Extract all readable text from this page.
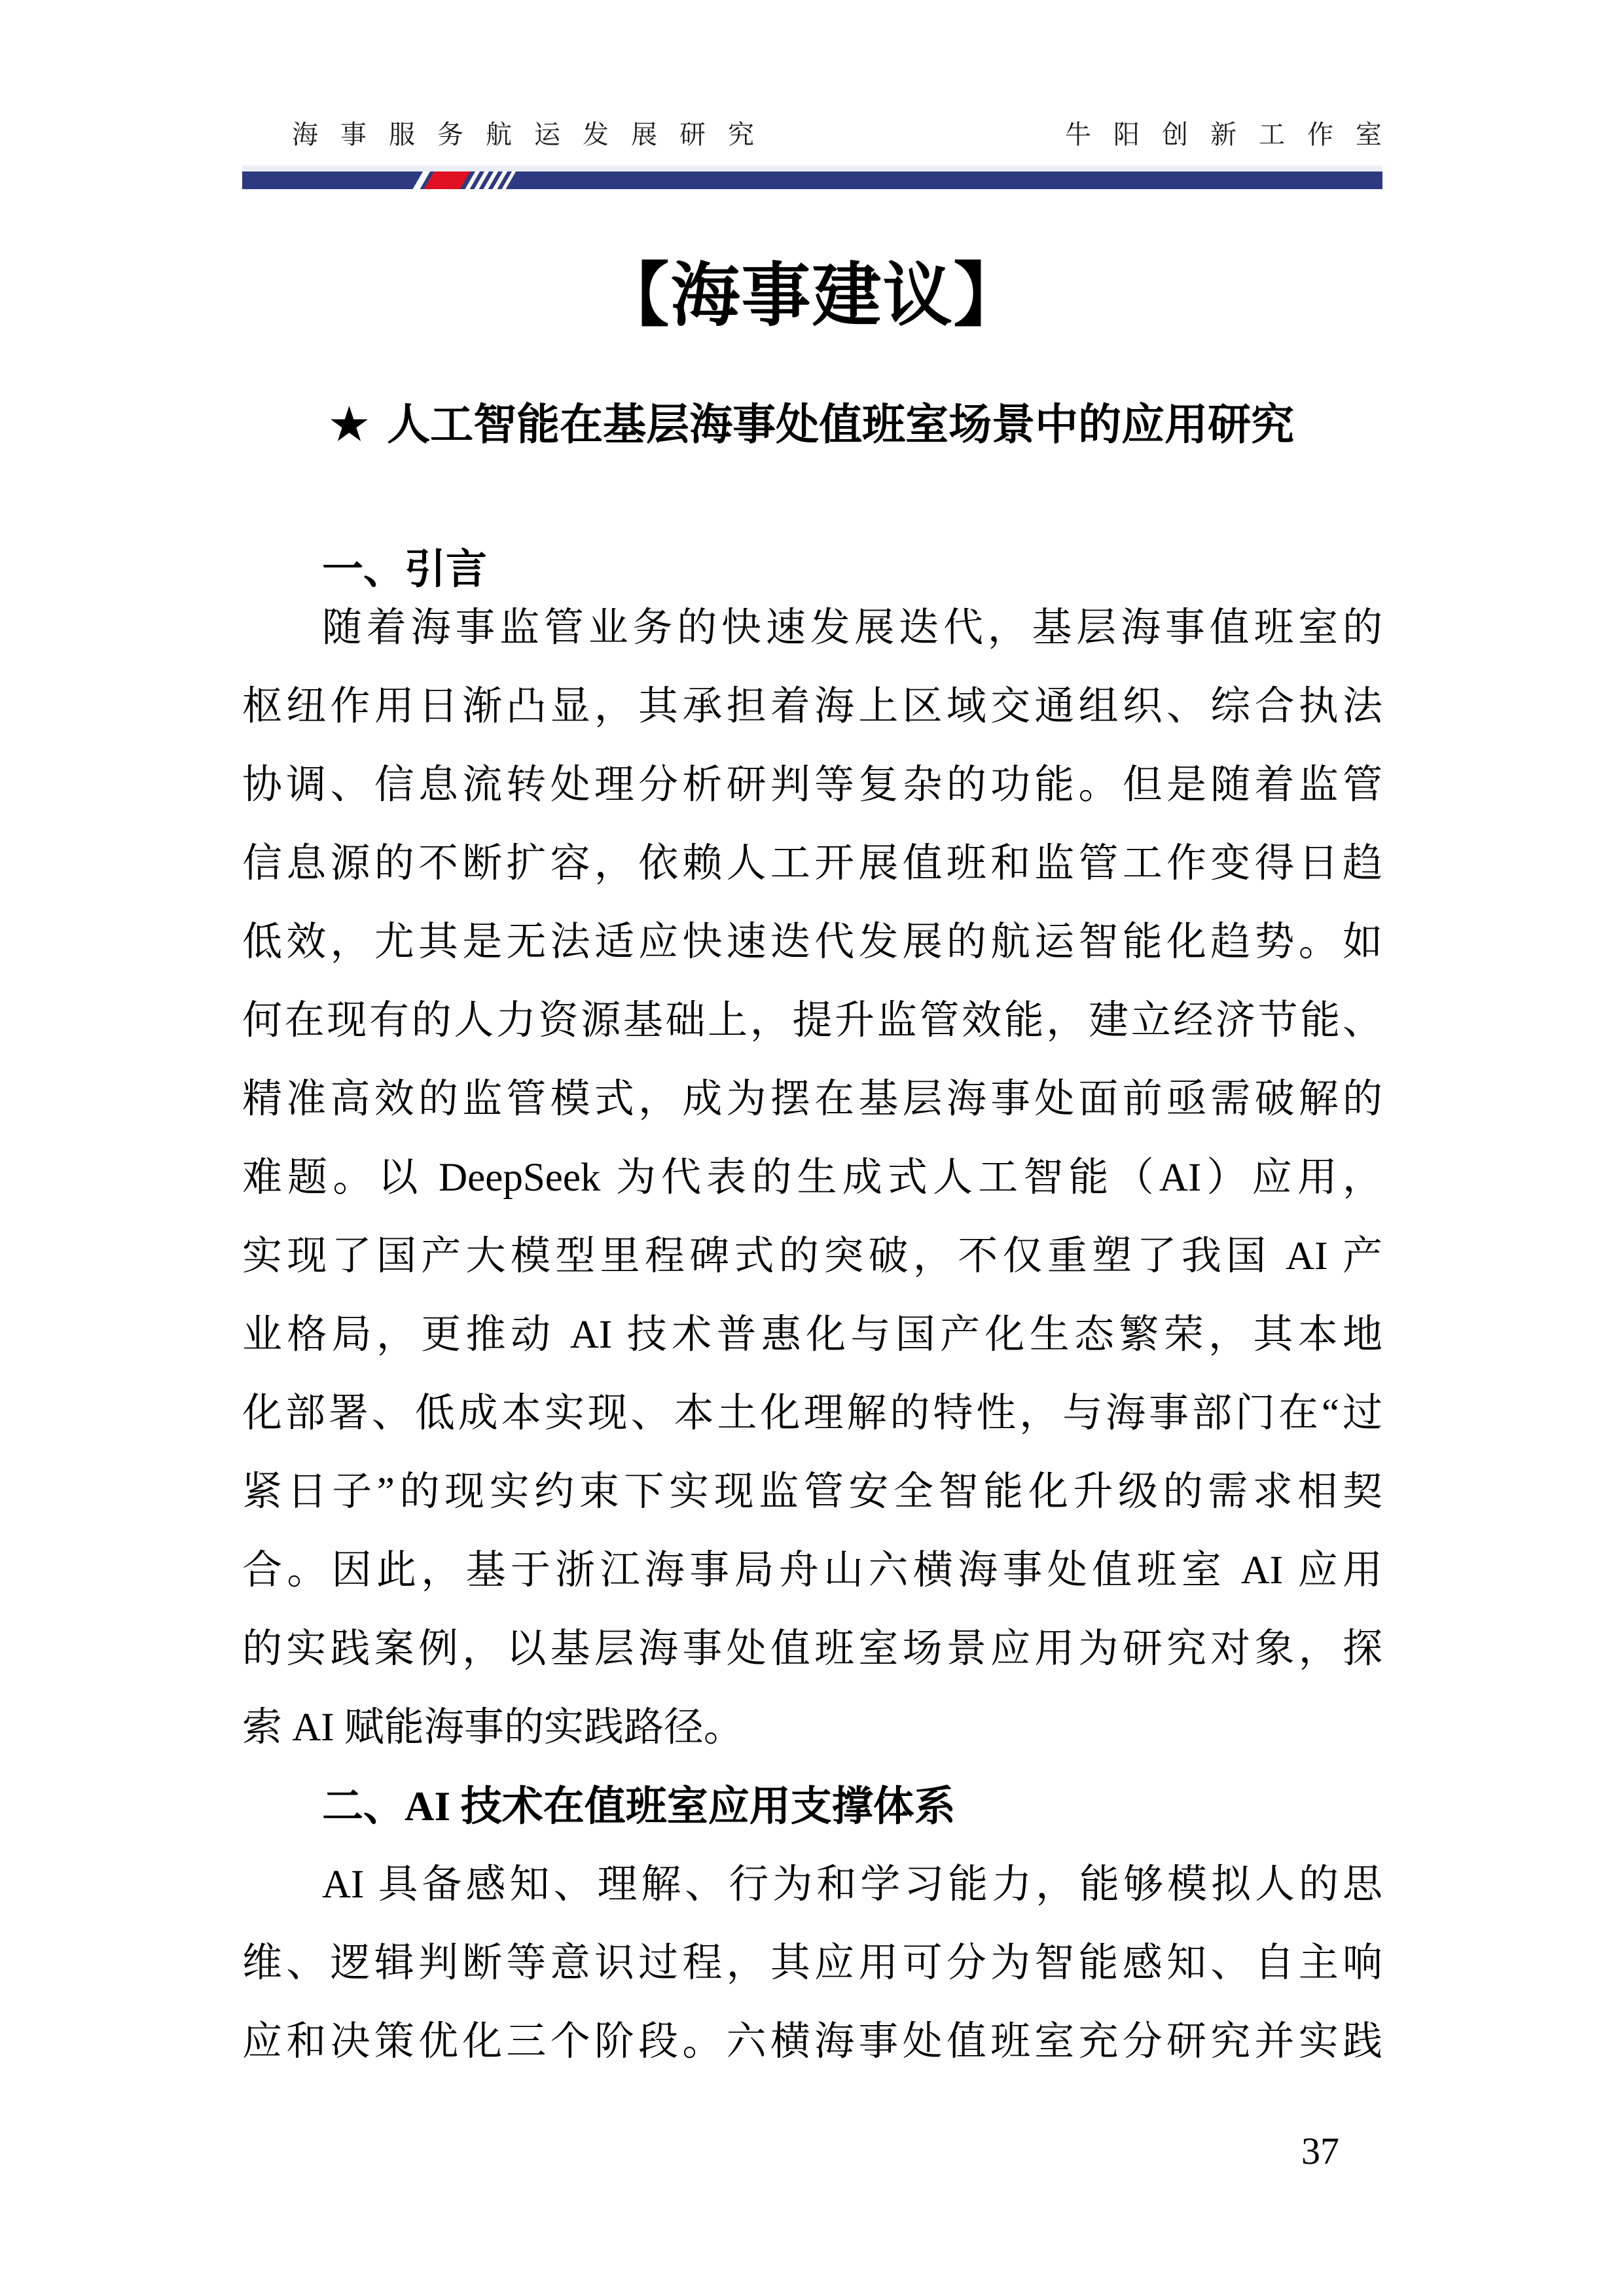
海事服务航运发展研究	牛阳创新工作室
【海事建议】
★ 人工智能在基层海事处值班室场景中的应用研究
一、引言
随着海事监管业务的快速发展迭代，基层海事值班室的
枢纽作用日渐凸显，其承担着海上区域交通组织、综合执法
协调、信息流转处理分析研判等复杂的功能。但是随着监管
信息源的不断扩容，依赖人工开展值班和监管工作变得日趋
低效，尤其是无法适应快速迭代发展的航运智能化趋势。如
何在现有的人力资源基础上，提升监管效能，建立经济节能、
精准高效的监管模式，成为摆在基层海事处面前亟需破解的
难题。以 DeepSeek 为代表的生成式人工智能（AI）应用，
实现了国产大模型里程碑式的突破，不仅重塑了我国 AI 产
业格局，更推动 AI 技术普惠化与国产化生态繁荣，其本地
化部署、低成本实现、本土化理解的特性，与海事部门在“过
紧日子”的现实约束下实现监管安全智能化升级的需求相契
合。因此，基于浙江海事局舟山六横海事处值班室 AI 应用
的实践案例，以基层海事处值班室场景应用为研究对象，探
索 AI 赋能海事的实践路径。
二、AI 技术在值班室应用支撑体系
AI 具备感知、理解、行为和学习能力，能够模拟人的思
维、逻辑判断等意识过程，其应用可分为智能感知、自主响
应和决策优化三个阶段。六横海事处值班室充分研究并实践
37
